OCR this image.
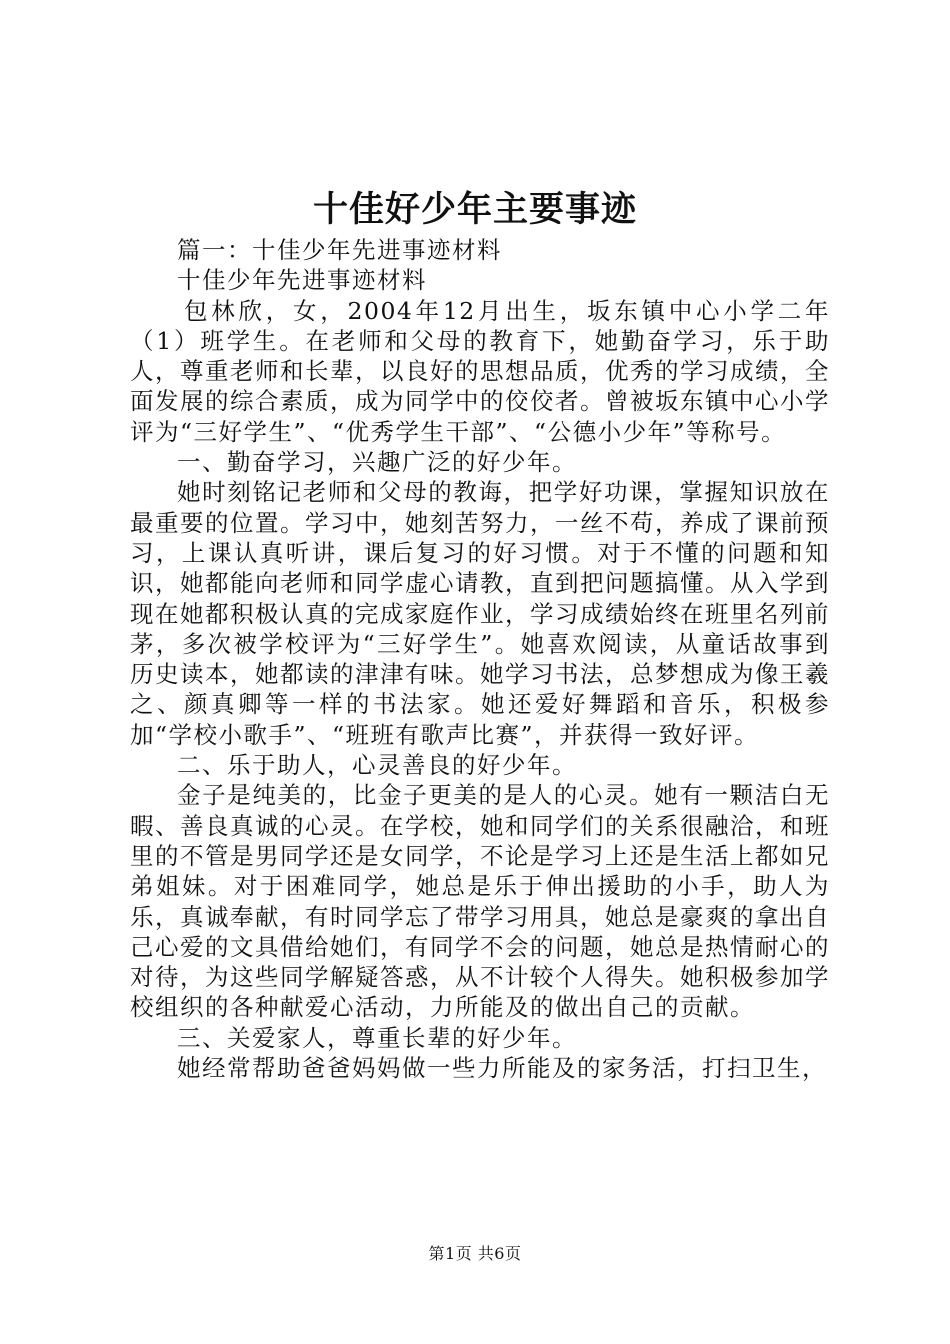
十佳好少年主要事迹

篇一：十佳少年先进事迹材料

十佳少年先进事迹材料

包林欣，女，2004年12月出生，坂东镇中心小学二年（1）班学生。在老师和父母的教育下，她勤奋学习，乐于助人，尊重老师和长辈，以良好的思想品质，优秀的学习成绩，全面发展的综合素质，成为同学中的佼佼者。曾被坂东镇中心小学评为“三好学生”、“优秀学生干部”、“公德小少年”等称号。

一、勤奋学习，兴趣广泛的好少年。

她时刻铭记老师和父母的教诲，把学好功课，掌握知识放在最重要的位置。学习中，她刻苦努力，一丝不苟，养成了课前预习，上课认真听讲，课后复习的好习惯。对于不懂的问题和知识，她都能向老师和同学虚心请教，直到把问题搞懂。从入学到现在她都积极认真的完成家庭作业，学习成绩始终在班里名列前茅，多次被学校评为“三好学生”。她喜欢阅读，从童话故事到历史读本，她都读的津津有味。她学习书法，总梦想成为像王羲之、颜真卿等一样的书法家。她还爱好舞蹈和音乐，积极参加“学校小歌手”、“班班有歌声比赛”，并获得一致好评。

二、乐于助人，心灵善良的好少年。

金子是纯美的，比金子更美的是人的心灵。她有一颗洁白无暇、善良真诚的心灵。在学校，她和同学们的关系很融洽，和班里的不管是男同学还是女同学，不论是学习上还是生活上都如兄弟姐妹。对于困难同学，她总是乐于伸出援助的小手，助人为乐，真诚奉献，有时同学忘了带学习用具，她总是豪爽的拿出自己心爱的文具借给她们，有同学不会的问题，她总是热情耐心的对待，为这些同学解疑答惑，从不计较个人得失。她积极参加学校组织的各种献爱心活动，力所能及的做出自己的贡献。

三、关爱家人，尊重长辈的好少年。

她经常帮助爸爸妈妈做一些力所能及的家务活，打扫卫生，

第1页 共6页
